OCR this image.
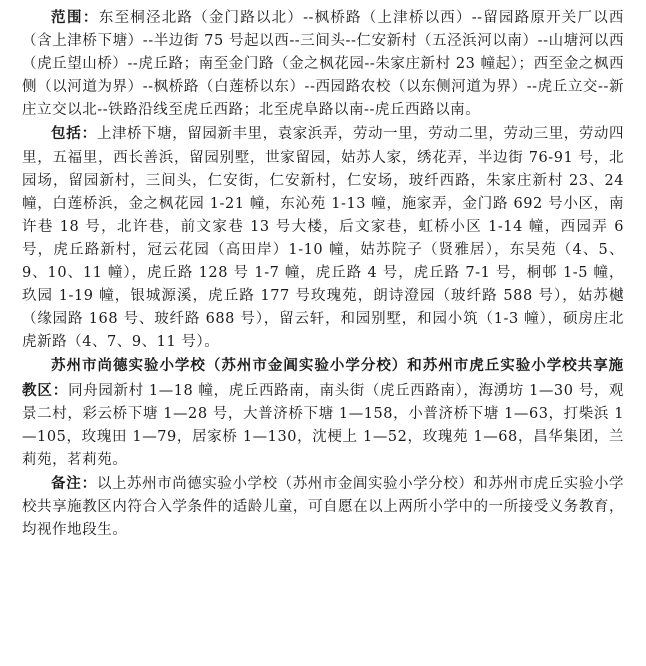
范围：东至桐泾北路（金门路以北）--枫桥路（上津桥以西）--留园路原开关厂以西（含上津桥下塘）--半边街 75 号起以西--三间头--仁安新村（五泾浜河以南）--山塘河以西（虎丘望山桥）--虎丘路；南至金门路（金之枫花园--朱家庄新村 23 幢起）；西至金之枫西侧（以河道为界）--枫桥路（白莲桥以东）--西园路农校（以东侧河道为界）--虎丘立交--新庄立交以北--铁路沿线至虎丘西路；北至虎阜路以南--虎丘西路以南。

包括：上津桥下塘，留园新丰里，袁家浜弄，劳动一里，劳动二里，劳动三里，劳动四里，五福里，西长善浜，留园别墅，世家留园，姑苏人家，绣花弄，半边街 76-91 号，北园场，留园新村，三间头，仁安街，仁安新村，仁安场，玻纤西路，朱家庄新村 23、24 幢，白莲桥浜，金之枫花园 1-21 幢，东沁苑 1-13 幢，施家弄，金门路 692 号小区，南许巷 18 号，北许巷，前文家巷 13 号大楼，后文家巷，虹桥小区 1-14 幢，西园弄 6 号，虎丘路新村，冠云花园（高田岸）1-10 幢，姑苏院子（贤雅居），东吴苑（4、5、9、10、11 幢），虎丘路 128 号 1-7 幢，虎丘路 4 号，虎丘路 7-1 号，桐邨 1-5 幢，玖园 1-19 幢，银城源溪，虎丘路 177 号玫瑰苑，朗诗澄园（玻纤路 588 号），姑苏樾（缘园路 168 号、玻纤路 688 号），留云轩，和园别墅，和园小筑（1-3 幢），硕房庄北虎新路（4、7、9、11 号）。

苏州市尚德实验小学校（苏州市金阊实验小学分校）和苏州市虎丘实验小学校共享施教区：同舟园新村 1—18 幢，虎丘西路南，南头街（虎丘西路南），海湧坊 1—30 号，观景二村，彩云桥下塘 1—28 号，大普济桥下塘 1—158，小普济桥下塘 1—63，打柴浜 1—105，玫瑰田 1—79，居家桥 1—130，沈梗上 1—52，玫瑰苑 1—68，昌华集团，兰莉苑，茗莉苑。

备注：以上苏州市尚德实验小学校（苏州市金阊实验小学分校）和苏州市虎丘实验小学校共享施教区内符合入学条件的适龄儿童，可自愿在以上两所小学中的一所接受义务教育，均视作地段生。
